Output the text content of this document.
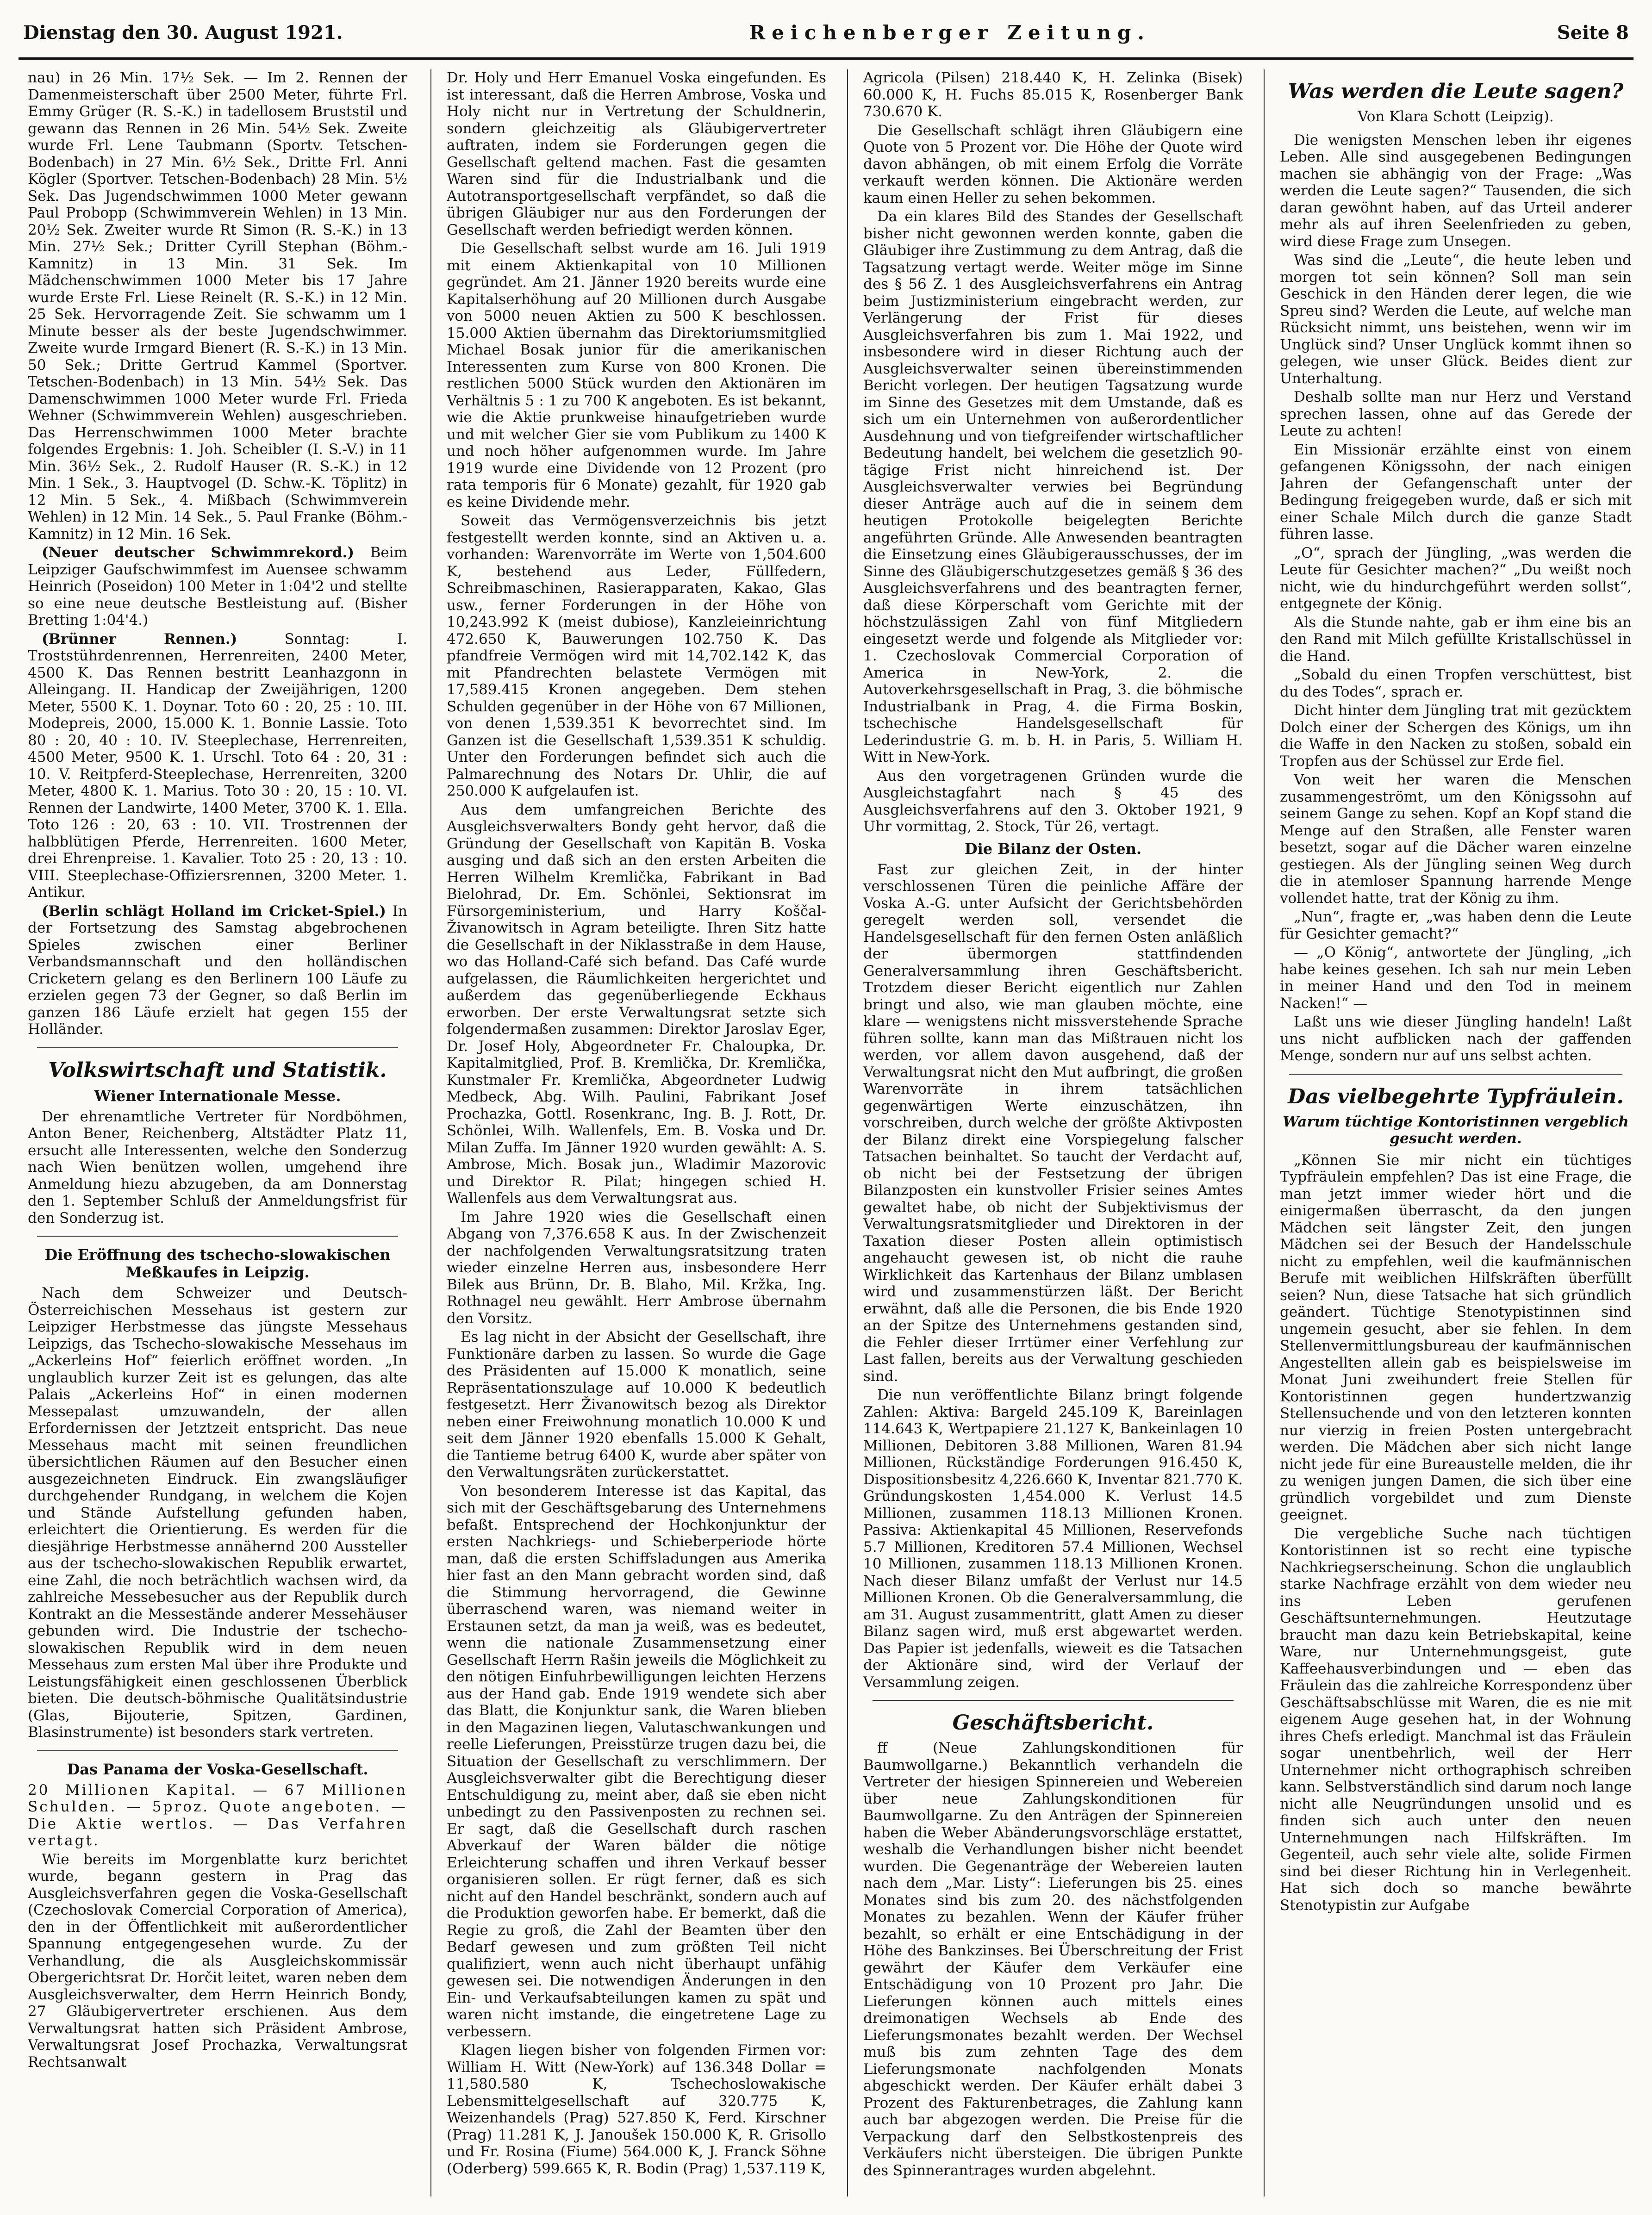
Dienstag den 30. August 1921.	Reichenberger Zeitung.	Seite 8

nau) in 26 Min. 17½ Sek. — Im 2. Rennen der Damenmeisterschaft über 2500 Meter, führte Frl. Emmy Grüger (R. S.-K.) in tadellosem Bruststil und gewann das Rennen in 26 Min. 54½ Sek. Zweite wurde Frl. Lene Taubmann (Sportv. Tetschen-Bodenbach) in 27 Min. 6½ Sek., Dritte Frl. Anni Kögler (Sportver. Tetschen-Bodenbach) 28 Min. 5½ Sek. Das Jugendschwimmen 1000 Meter gewann Paul Probopp (Schwimmverein Wehlen) in 13 Min. 20½ Sek. Zweiter wurde Rt Simon (R. S.-K.) in 13 Min. 27½ Sek.; Dritter Cyrill Stephan (Böhm.-Kamnitz) in 13 Min. 31 Sek. Im Mädchenschwimmen 1000 Meter bis 17 Jahre wurde Erste Frl. Liese Reinelt (R. S.-K.) in 12 Min. 25 Sek. Hervorragende Zeit. Sie schwamm um 1 Minute besser als der beste Jugendschwimmer. Zweite wurde Irmgard Bienert (R. S.-K.) in 13 Min. 50 Sek.; Dritte Gertrud Kammel (Sportver. Tetschen-Bodenbach) in 13 Min. 54½ Sek. Das Damenschwimmen 1000 Meter wurde Frl. Frieda Wehner (Schwimmverein Wehlen) ausgeschrieben. Das Herrenschwimmen 1000 Meter brachte folgendes Ergebnis: 1. Joh. Scheibler (I. S.-V.) in 11 Min. 36½ Sek., 2. Rudolf Hauser (R. S.-K.) in 12 Min. 1 Sek., 3. Hauptvogel (D. Schw.-K. Töplitz) in 12 Min. 5 Sek., 4. Mißbach (Schwimmverein Wehlen) in 12 Min. 14 Sek., 5. Paul Franke (Böhm.-Kamnitz) in 12 Min. 16 Sek.

(Neuer deutscher Schwimmrekord.) Beim Leipziger Gaufschwimmfest im Auensee schwamm Heinrich (Poseidon) 100 Meter in 1:04'2 und stellte so eine neue deutsche Bestleistung auf. (Bisher Bretting 1:04'4.)

(Brünner Rennen.)	Sonntag: I. Troststührdenrennen, Herrenreiten, 2400 Meter, 4500 K. Das Rennen bestritt Leanhazgonn in Alleingang. II. Handicap der Zweijährigen, 1200 Meter, 5500 K. 1. Doynar. Toto 60 : 20, 25 : 10. III. Modepreis, 2000, 15.000 K. 1. Bonnie Lassie. Toto 80 : 20, 40 : 10. IV. Steeplechase, Herrenreiten, 4500 Meter, 9500 K. 1. Urschl. Toto 64 : 20, 31 : 10. V. Reitpferd-Steeplechase, Herrenreiten, 3200 Meter, 4800 K. 1. Marius. Toto 30 : 20, 15 : 10. VI. Rennen der Landwirte, 1400 Meter, 3700 K. 1. Ella. Toto 126 : 20, 63 : 10. VII. Trostrennen der halbblütigen Pferde, Herrenreiten. 1600 Meter, drei Ehrenpreise. 1. Kavalier. Toto 25 : 20, 13 : 10. VIII. Steeplechase-Offiziersrennen, 3200 Meter. 1. Antikur.

(Berlin schlägt Holland im Cricket-Spiel.) In der Fortsetzung des Samstag abgebrochenen Spieles zwischen einer Berliner Verbandsmannschaft und den holländischen Cricketern gelang es den Berlinern 100 Läufe zu erzielen gegen 73 der Gegner, so daß Berlin im ganzen 186 Läufe erzielt hat gegen 155 der Holländer.

Volkswirtschaft und Statistik.
Wiener Internationale Messe.

Der ehrenamtliche Vertreter für Nordböhmen, Anton Bener, Reichenberg, Altstädter Platz 11, ersucht alle Interessenten, welche den Sonderzug nach Wien benützen wollen, umgehend ihre Anmeldung hiezu abzugeben, da am Donnerstag den 1. September Schluß der Anmeldungsfrist für den Sonderzug ist.

Die Eröffnung des tschecho-slowakischen Meßkaufes in Leipzig.

Nach dem Schweizer und Deutsch-Österreichischen Messehaus ist gestern zur Leipziger Herbstmesse das jüngste Messehaus Leipzigs, das Tschecho-slowakische Messehaus im „Ackerleins Hof“ feierlich eröffnet worden. „In unglaublich kurzer Zeit ist es gelungen, das alte Palais „Ackerleins Hof“ in einen modernen Messepalast umzuwandeln, der allen Erfordernissen der Jetztzeit entspricht. Das neue Messehaus macht mit seinen freundlichen übersichtlichen Räumen auf den Besucher einen ausgezeichneten Eindruck. Ein zwangsläufiger durchgehender Rundgang, in welchem die Kojen und Stände Aufstellung gefunden haben, erleichtert die Orientierung. Es werden für die diesjährige Herbstmesse annähernd 200 Aussteller aus der tschecho-slowakischen Republik erwartet, eine Zahl, die noch beträchtlich wachsen wird, da zahlreiche Messebesucher aus der Republik durch Kontrakt an die Messestände anderer Messehäuser gebunden wird. Die Industrie der tschecho-slowakischen Republik wird in dem neuen Messehaus zum ersten Mal über ihre Produkte und Leistungsfähigkeit einen geschlossenen Überblick bieten. Die deutsch-böhmische Qualitätsindustrie (Glas, Bijouterie, Spitzen, Gardinen, Blasinstrumente) ist besonders stark vertreten.

Das Panama der Voska-Gesellschaft.

20 Millionen Kapital. — 67 Millionen Schulden. — 5proz. Quote angeboten. — Die Aktie wertlos. — Das Verfahren vertagt.

Wie bereits im Morgenblatte kurz berichtet wurde, begann gestern in Prag das Ausgleichsverfahren gegen die Voska-Gesellschaft (Czechoslovak Comercial Corporation of America), den in der Öffentlichkeit mit außerordentlicher Spannung entgegengesehen wurde. Zu der Verhandlung, die als Ausgleichskommissär Obergerichtsrat Dr. Horčit leitet, waren neben dem Ausgleichsverwalter, dem Herrn Heinrich Bondy, 27 Gläubigervertreter erschienen. Aus dem Verwaltungsrat hatten sich Präsident Ambrose, Verwaltungsrat Josef Prochazka, Verwaltungsrat Rechtsanwalt

Dr. Holy und Herr Emanuel Voska eingefunden. Es ist interessant, daß die Herren Ambrose, Voska und Holy nicht nur in Vertretung der Schuldnerin, sondern gleichzeitig als Gläubigervertreter auftraten, indem sie Forderungen gegen die Gesellschaft geltend machen. Fast die gesamten Waren sind für die Industrialbank und die Autotransportgesellschaft verpfändet, so daß die übrigen Gläubiger nur aus den Forderungen der Gesellschaft werden befriedigt werden können.

Die Gesellschaft selbst wurde am 16. Juli 1919 mit einem Aktienkapital von 10 Millionen gegründet. Am 21. Jänner 1920 bereits wurde eine Kapitalserhöhung auf 20 Millionen durch Ausgabe von 5000 neuen Aktien zu 500 K beschlossen. 15.000 Aktien übernahm das Direktoriumsmitglied Michael Bosak junior für die amerikanischen Interessenten zum Kurse von 800 Kronen. Die restlichen 5000 Stück wurden den Aktionären im Verhältnis 5 : 1 zu 700 K angeboten. Es ist bekannt, wie die Aktie prunkweise hinaufgetrieben wurde und mit welcher Gier sie vom Publikum zu 1400 K und noch höher aufgenommen wurde. Im Jahre 1919 wurde eine Dividende von 12 Prozent (pro rata temporis für 6 Monate) gezahlt, für 1920 gab es keine Dividende mehr.

Soweit das Vermögensverzeichnis bis jetzt festgestellt werden konnte, sind an Aktiven u. a. vorhanden: Warenvorräte im Werte von 1,504.600 K, bestehend aus Leder, Füllfedern, Schreibmaschinen, Rasierapparaten, Kakao, Glas usw., ferner Forderungen in der Höhe von 10,243.992 K (meist dubiose), Kanzleieinrichtung 472.650 K, Bauwerungen 102.750 K. Das pfandfreie Vermögen wird mit 14,702.142 K, das mit Pfandrechten belastete Vermögen mit 17,589.415 Kronen angegeben. Dem stehen Schulden gegenüber in der Höhe von 67 Millionen, von denen 1,539.351 K bevorrechtet sind. Im Ganzen ist die Gesellschaft 1,539.351 K schuldig. Unter den Forderungen befindet sich auch die Palmarechnung des Notars Dr. Uhlir, die auf 250.000 K aufgelaufen ist.

Aus dem umfangreichen Berichte des Ausgleichsverwalters Bondy geht hervor, daß die Gründung der Gesellschaft von Kapitän B. Voska ausging und daß sich an den ersten Arbeiten die Herren Wilhelm Kremlička, Fabrikant in Bad Bielohrad, Dr. Em. Schönlei, Sektionsrat im Fürsorgeministerium, und Harry Koščal-Živanowitsch in Agram beteiligte. Ihren Sitz hatte die Gesellschaft in der Niklasstraße in dem Hause, wo das Holland-Café sich befand. Das Café wurde aufgelassen, die Räumlichkeiten hergerichtet und außerdem das gegenüberliegende Eckhaus erworben. Der erste Verwaltungsrat setzte sich folgendermaßen zusammen: Direktor Jaroslav Eger, Dr. Josef Holy, Abgeordneter Fr. Chaloupka, Dr. Kapitalmitglied, Prof. B. Kremlička, Dr. Kremlička, Kunstmaler Fr. Kremlička, Abgeordneter Ludwig Medbeck, Abg. Wilh. Paulini, Fabrikant Josef Prochazka, Gottl. Rosenkranc, Ing. B. J. Rott, Dr. Schönlei, Wilh. Wallenfels, Em. B. Voska und Dr. Milan Zuffa. Im Jänner 1920 wurden gewählt: A. S. Ambrose, Mich. Bosak jun., Wladimir Mazorovic und Direktor R. Pilat; hingegen schied H. Wallenfels aus dem Verwaltungsrat aus.

Im Jahre 1920 wies die Gesellschaft einen Abgang von 7,376.658 K aus. In der Zwischenzeit der nachfolgenden Verwaltungsratsitzung traten wieder einzelne Herren aus, insbesondere Herr Bilek aus Brünn, Dr. B. Blaho, Mil. Kržka, Ing. Rothnagel neu gewählt. Herr Ambrose übernahm den Vorsitz.

Es lag nicht in der Absicht der Gesellschaft, ihre Funktionäre darben zu lassen. So wurde die Gage des Präsidenten auf 15.000 K monatlich, seine Repräsentationszulage auf 10.000 K bedeutlich festgesetzt. Herr Živanowitsch bezog als Direktor neben einer Freiwohnung monatlich 10.000 K und seit dem Jänner 1920 ebenfalls 15.000 K Gehalt, die Tantieme betrug 6400 K, wurde aber später von den Verwaltungsräten zurückerstattet.

Von besonderem Interesse ist das Kapital, das sich mit der Geschäftsgebarung des Unternehmens befaßt. Entsprechend der Hochkonjunktur der ersten Nachkriegs- und Schieberperiode hörte man, daß die ersten Schiffsladungen aus Amerika hier fast an den Mann gebracht worden sind, daß die Stimmung hervorragend, die Gewinne überraschend waren, was niemand weiter in Erstaunen setzt, da man ja weiß, was es bedeutet, wenn die nationale Zusammensetzung einer Gesellschaft Herrn Rašin jeweils die Möglichkeit zu den nötigen Einfuhrbewilligungen leichten Herzens aus der Hand gab. Ende 1919 wendete sich aber das Blatt, die Konjunktur sank, die Waren blieben in den Magazinen liegen, Valutaschwankungen und reelle Lieferungen, Preisstürze trugen dazu bei, die Situation der Gesellschaft zu verschlimmern. Der Ausgleichsverwalter gibt die Berechtigung dieser Entschuldigung zu, meint aber, daß sie eben nicht unbedingt zu den Passivenposten zu rechnen sei. Er sagt, daß die Gesellschaft durch raschen Abverkauf der Waren bälder die nötige Erleichterung schaffen und ihren Verkauf besser organisieren sollen. Er rügt ferner, daß es sich nicht auf den Handel beschränkt, sondern auch auf die Produktion geworfen habe. Er bemerkt, daß die Regie zu groß, die Zahl der Beamten über den Bedarf gewesen und zum größten Teil nicht qualifiziert, wenn auch nicht überhaupt unfähig gewesen sei. Die notwendigen Änderungen in den Ein- und Verkaufsabteilungen kamen zu spät und waren nicht imstande, die eingetretene Lage zu verbessern.

Klagen liegen bisher von folgenden Firmen vor: William H. Witt (New-York) auf 136.348 Dollar = 11,580.580 K, Tschechoslowakische Lebensmittelgesellschaft auf 320.775 K, Weizenhandels (Prag) 527.850 K, Ferd. Kirschner (Prag) 11.281 K, J. Janoušek 150.000 K, R. Grisollo und Fr. Rosina (Fiume) 564.000 K, J. Franck Söhne (Oderberg) 599.665 K, R. Bodin (Prag) 1,537.119 K,

Agricola (Pilsen) 218.440 K, H. Zelinka (Bisek) 60.000 K, H. Fuchs 85.015 K, Rosenberger Bank 730.670 K.

Die Gesellschaft schlägt ihren Gläubigern eine Quote von 5 Prozent vor. Die Höhe der Quote wird davon abhängen, ob mit einem Erfolg die Vorräte verkauft werden können. Die Aktionäre werden kaum einen Heller zu sehen bekommen.

Da ein klares Bild des Standes der Gesellschaft bisher nicht gewonnen werden konnte, gaben die Gläubiger ihre Zustimmung zu dem Antrag, daß die Tagsatzung vertagt werde. Weiter möge im Sinne des § 56 Z. 1 des Ausgleichsverfahrens ein Antrag beim Justizministerium eingebracht werden, zur Verlängerung der Frist für dieses Ausgleichsverfahren bis zum 1. Mai 1922, und insbesondere wird in dieser Richtung auch der Ausgleichsverwalter seinen übereinstimmenden Bericht vorlegen. Der heutigen Tagsatzung wurde im Sinne des Gesetzes mit dem Umstande, daß es sich um ein Unternehmen von außerordentlicher Ausdehnung und von tiefgreifender wirtschaftlicher Bedeutung handelt, bei welchem die gesetzlich 90-tägige Frist nicht hinreichend ist. Der Ausgleichsverwalter verwies bei Begründung dieser Anträge auch auf die in seinem dem heutigen Protokolle beigelegten Berichte angeführten Gründe. Alle Anwesenden beantragten die Einsetzung eines Gläubigerausschusses, der im Sinne des Gläubigerschutzgesetzes gemäß § 36 des Ausgleichsverfahrens und des beantragten ferner, daß diese Körperschaft vom Gerichte mit der höchstzulässigen Zahl von fünf Mitgliedern eingesetzt werde und folgende als Mitglieder vor: 1. Czechoslovak Commercial Corporation of America in New-York, 2. die Autoverkehrsgesellschaft in Prag, 3. die böhmische Industrialbank in Prag, 4. die Firma Boskin, tschechische Handelsgesellschaft für Lederindustrie G. m. b. H. in Paris, 5. William H. Witt in New-York.

Aus den vorgetragenen Gründen wurde die Ausgleichstagfahrt nach § 45 des Ausgleichsverfahrens auf den 3. Oktober 1921, 9 Uhr vormittag, 2. Stock, Tür 26, vertagt.

Die Bilanz der Osten.

Fast zur gleichen Zeit, in der hinter verschlossenen Türen die peinliche Affäre der Voska A.-G. unter Aufsicht der Gerichtsbehörden geregelt werden soll, versendet die Handelsgesellschaft für den fernen Osten anläßlich der übermorgen stattfindenden Generalversammlung ihren Geschäftsbericht. Trotzdem dieser Bericht eigentlich nur Zahlen bringt und also, wie man glauben möchte, eine klare — wenigstens nicht missverstehende Sprache führen sollte, kann man das Mißtrauen nicht los werden, vor allem davon ausgehend, daß der Verwaltungsrat nicht den Mut aufbringt, die großen Warenvorräte in ihrem tatsächlichen gegenwärtigen Werte einzuschätzen, ihn vorschreiben, durch welche der größte Aktivposten der Bilanz direkt eine Vorspiegelung falscher Tatsachen beinhaltet. So taucht der Verdacht auf, ob nicht bei der Festsetzung der übrigen Bilanzposten ein kunstvoller Frisier seines Amtes gewaltet habe, ob nicht der Subjektivismus der Verwaltungsratsmitglieder und Direktoren in der Taxation dieser Posten allein optimistisch angehaucht gewesen ist, ob nicht die rauhe Wirklichkeit das Kartenhaus der Bilanz umblasen wird und zusammenstürzen läßt. Der Bericht erwähnt, daß alle die Personen, die bis Ende 1920 an der Spitze des Unternehmens gestanden sind, die Fehler dieser Irrtümer einer Verfehlung zur Last fallen, bereits aus der Verwaltung geschieden sind.

Die nun veröffentlichte Bilanz bringt folgende Zahlen: Aktiva: Bargeld 245.109 K, Bareinlagen 114.643 K, Wertpapiere 21.127 K, Bankeinlagen 10 Millionen, Debitoren 3.88 Millionen, Waren 81.94 Millionen, Rückständige Forderungen 916.450 K, Dispositionsbesitz 4,226.660 K, Inventar 821.770 K. Gründungskosten 1,454.000 K. Verlust 14.5 Millionen, zusammen 118.13 Millionen Kronen. Passiva: Aktienkapital 45 Millionen, Reservefonds 5.7 Millionen, Kreditoren 57.4 Millionen, Wechsel 10 Millionen, zusammen 118.13 Millionen Kronen. Nach dieser Bilanz umfaßt der Verlust nur 14.5 Millionen Kronen. Ob die Generalversammlung, die am 31. August zusammentritt, glatt Amen zu dieser Bilanz sagen wird, muß erst abgewartet werden. Das Papier ist jedenfalls, wieweit es die Tatsachen der Aktionäre sind, wird der Verlauf der Versammlung zeigen.

Geschäftsbericht.

ff (Neue Zahlungskonditionen für Baumwollgarne.) Bekanntlich verhandeln die Vertreter der hiesigen Spinnereien und Webereien über neue Zahlungskonditionen für Baumwollgarne. Zu den Anträgen der Spinnereien haben die Weber Abänderungsvorschläge erstattet, weshalb die Verhandlungen bisher nicht beendet wurden. Die Gegenanträge der Webereien lauten nach dem „Mar. Listy“: Lieferungen bis 25. eines Monates sind bis zum 20. des nächstfolgenden Monates zu bezahlen. Wenn der Käufer früher bezahlt, so erhält er eine Entschädigung in der Höhe des Bankzinses. Bei Überschreitung der Frist gewährt der Käufer dem Verkäufer eine Entschädigung von 10 Prozent pro Jahr. Die Lieferungen können auch mittels eines dreimonatigen Wechsels ab Ende des Lieferungsmonates bezahlt werden. Der Wechsel muß bis zum zehnten Tage des dem Lieferungsmonate nachfolgenden Monats abgeschickt werden. Der Käufer erhält dabei 3 Prozent des Fakturenbetrages, die Zahlung kann auch bar abgezogen werden. Die Preise für die Verpackung darf den Selbstkostenpreis des Verkäufers nicht übersteigen. Die übrigen Punkte des Spinnerantrages wurden abgelehnt.

Was werden die Leute sagen?

Von Klara Schott (Leipzig).

Die wenigsten Menschen leben ihr eigenes Leben. Alle sind ausgegebenen Bedingungen machen sie abhängig von der Frage: „Was werden die Leute sagen?“ Tausenden, die sich daran gewöhnt haben, auf das Urteil anderer mehr als auf ihren Seelenfrieden zu geben, wird diese Frage zum Unsegen.

Was sind die „Leute“, die heute leben und morgen tot sein können? Soll man sein Geschick in den Händen derer legen, die wie Spreu sind? Werden die Leute, auf welche man Rücksicht nimmt, uns beistehen, wenn wir im Unglück sind? Unser Unglück kommt ihnen so gelegen, wie unser Glück. Beides dient zur Unterhaltung.

Deshalb sollte man nur Herz und Verstand sprechen lassen, ohne auf das Gerede der Leute zu achten!

Ein Missionär erzählte einst von einem gefangenen Königssohn, der nach einigen Jahren der Gefangenschaft unter der Bedingung freigegeben wurde, daß er sich mit einer Schale Milch durch die ganze Stadt führen lasse.

„O“, sprach der Jüngling, „was werden die Leute für Gesichter machen?“ „Du weißt noch nicht, wie du hindurchgeführt werden sollst“, entgegnete der König.

Als die Stunde nahte, gab er ihm eine bis an den Rand mit Milch gefüllte Kristallschüssel in die Hand.

„Sobald du einen Tropfen verschüttest, bist du des Todes“, sprach er.

Dicht hinter dem Jüngling trat mit gezücktem Dolch einer der Schergen des Königs, um ihn die Waffe in den Nacken zu stoßen, sobald ein Tropfen aus der Schüssel zur Erde fiel.

Von weit her waren die Menschen zusammengeströmt, um den Königssohn auf seinem Gange zu sehen. Kopf an Kopf stand die Menge auf den Straßen, alle Fenster waren besetzt, sogar auf die Dächer waren einzelne gestiegen. Als der Jüngling seinen Weg durch die in atemloser Spannung harrende Menge vollendet hatte, trat der König zu ihm.

„Nun“, fragte er, „was haben denn die Leute für Gesichter gemacht?“

— „O König“, antwortete der Jüngling, „ich habe keines gesehen. Ich sah nur mein Leben in meiner Hand und den Tod in meinem Nacken!“ —

Laßt uns wie dieser Jüngling handeln! Laßt uns nicht aufblicken nach der gaffenden Menge, sondern nur auf uns selbst achten.

Das vielbegehrte Typfräulein.

Warum tüchtige Kontoristinnen vergeblich gesucht werden.

„Können Sie mir nicht ein tüchtiges Typfräulein empfehlen? Das ist eine Frage, die man jetzt immer wieder hört und die einigermaßen überrascht, da den jungen Mädchen seit längster Zeit, den jungen Mädchen sei der Besuch der Handelsschule nicht zu empfehlen, weil die kaufmännischen Berufe mit weiblichen Hilfskräften überfüllt seien? Nun, diese Tatsache hat sich gründlich geändert. Tüchtige Stenotypistinnen sind ungemein gesucht, aber sie fehlen. In dem Stellenvermittlungsbureau der kaufmännischen Angestellten allein gab es beispielsweise im Monat Juni zweihundert freie Stellen für Kontoristinnen gegen hundertzwanzig Stellensuchende und von den letzteren konnten nur vierzig in freien Posten untergebracht werden. Die Mädchen aber sich nicht lange nicht jede für eine Bureaustelle melden, die ihr zu wenigen jungen Damen, die sich über eine gründlich vorgebildet und zum Dienste geeignet.

Die vergebliche Suche nach tüchtigen Kontoristinnen ist so recht eine typische Nachkriegserscheinung. Schon die unglaublich starke Nachfrage erzählt von dem wieder neu ins Leben gerufenen Geschäftsunternehmungen. Heutzutage braucht man dazu kein Betriebskapital, keine Ware, nur Unternehmungsgeist, gute Kaffeehausverbindungen und — eben das Fräulein das die zahlreiche Korrespondenz über Geschäftsabschlüsse mit Waren, die es nie mit eigenem Auge gesehen hat, in der Wohnung ihres Chefs erledigt. Manchmal ist das Fräulein sogar unentbehrlich, weil der Herr Unternehmer nicht orthographisch schreiben kann. Selbstverständlich sind darum noch lange nicht alle Neugründungen unsolid und es finden sich auch unter den neuen Unternehmungen nach Hilfskräften. Im Gegenteil, auch sehr viele alte, solide Firmen sind bei dieser Richtung hin in Verlegenheit. Hat sich doch so manche bewährte Stenotypistin zur Aufgabe
